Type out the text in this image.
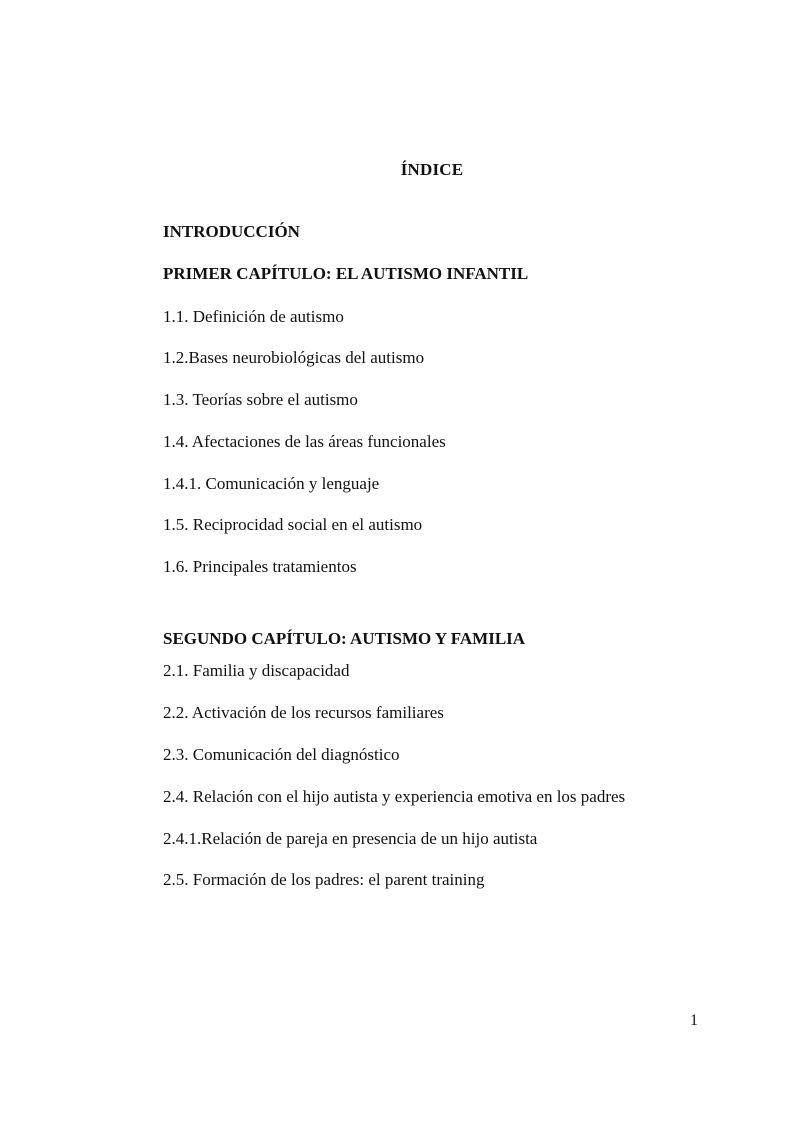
ÍNDICE
INTRODUCCIÓN
PRIMER CAPÍTULO: EL AUTISMO INFANTIL
1.1. Definición de autismo
1.2.Bases neurobiológicas del autismo
1.3. Teorías sobre el autismo
1.4. Afectaciones de las áreas funcionales
1.4.1. Comunicación y lenguaje
1.5. Reciprocidad social en el autismo
1.6. Principales tratamientos
SEGUNDO CAPÍTULO: AUTISMO Y FAMILIA
2.1. Familia y discapacidad
2.2. Activación de los recursos familiares
2.3. Comunicación del diagnóstico
2.4. Relación con el hijo autista y experiencia emotiva en los padres
2.4.1.Relación de pareja en presencia de un hijo autista
2.5. Formación de los padres: el parent training
1
